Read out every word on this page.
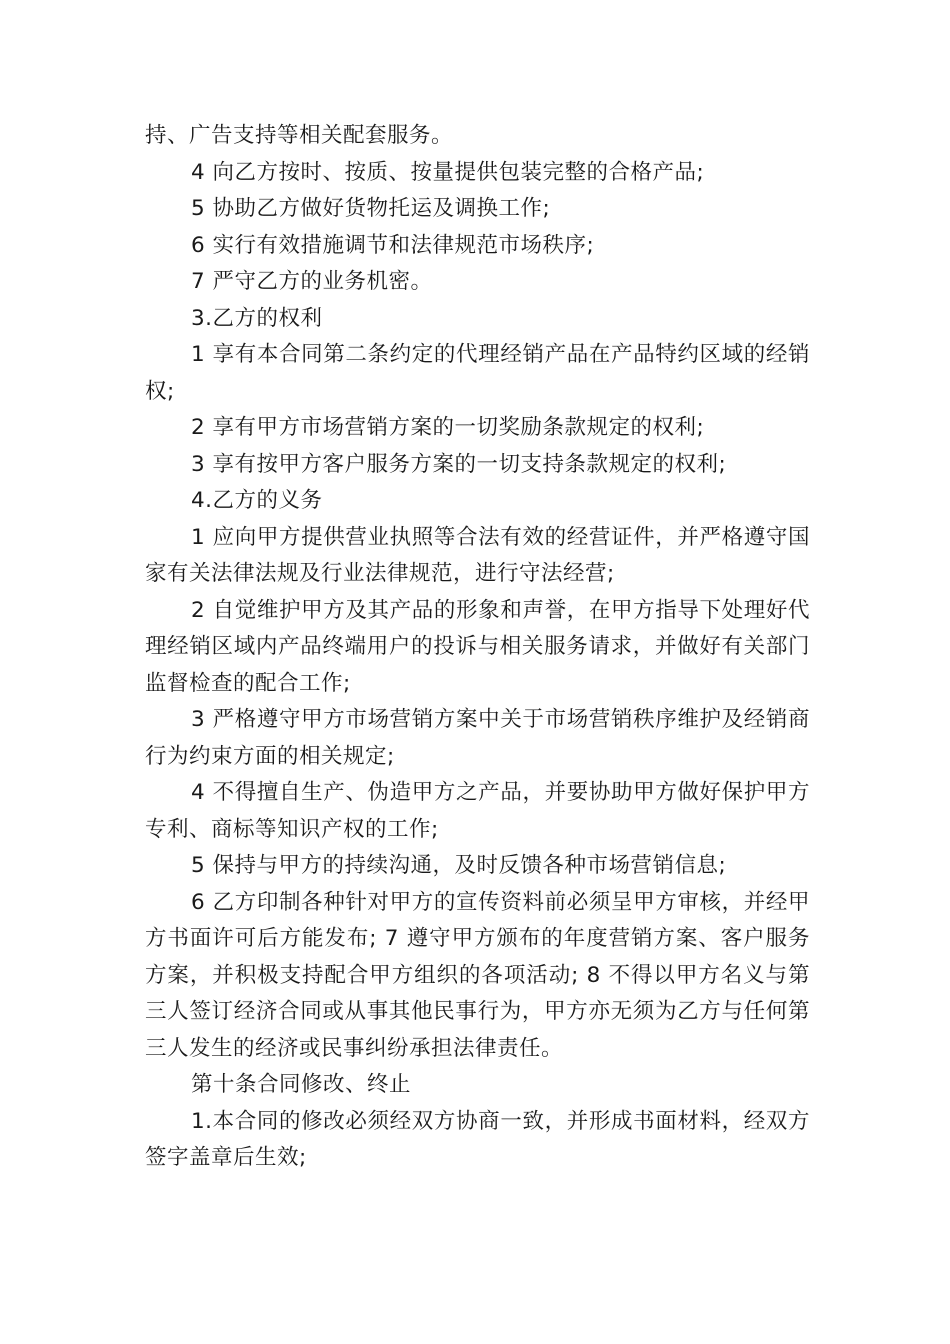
持、广告支持等相关配套服务。

4 向乙方按时、按质、按量提供包装完整的合格产品;

5 协助乙方做好货物托运及调换工作;

6 实行有效措施调节和法律规范市场秩序;

7 严守乙方的业务机密。

3.乙方的权利

1 享有本合同第二条约定的代理经销产品在产品特约区域的经销权;

2 享有甲方市场营销方案的一切奖励条款规定的权利;

3 享有按甲方客户服务方案的一切支持条款规定的权利;

4.乙方的义务

1 应向甲方提供营业执照等合法有效的经营证件，并严格遵守国家有关法律法规及行业法律规范，进行守法经营;

2 自觉维护甲方及其产品的形象和声誉，在甲方指导下处理好代理经销区域内产品终端用户的投诉与相关服务请求，并做好有关部门监督检查的配合工作;

3 严格遵守甲方市场营销方案中关于市场营销秩序维护及经销商行为约束方面的相关规定;

4 不得擅自生产、伪造甲方之产品，并要协助甲方做好保护甲方专利、商标等知识产权的工作;

5 保持与甲方的持续沟通，及时反馈各种市场营销信息;

6 乙方印制各种针对甲方的宣传资料前必须呈甲方审核，并经甲方书面许可后方能发布; 7 遵守甲方颁布的年度营销方案、客户服务方案，并积极支持配合甲方组织的各项活动; 8 不得以甲方名义与第三人签订经济合同或从事其他民事行为，甲方亦无须为乙方与任何第三人发生的经济或民事纠纷承担法律责任。

第十条合同修改、终止

1.本合同的修改必须经双方协商一致，并形成书面材料，经双方签字盖章后生效;
